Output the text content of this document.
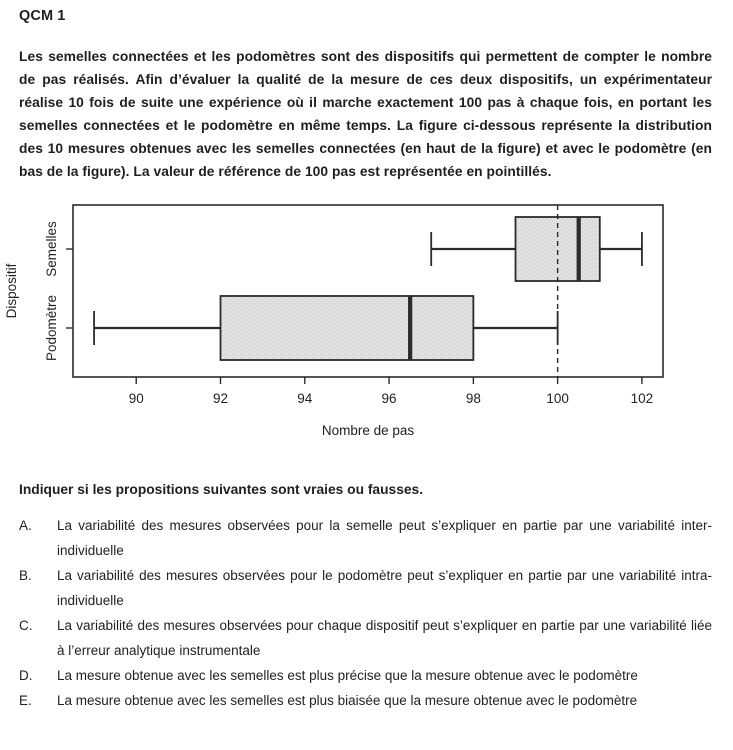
QCM 1

Les semelles connectées et les podomètres sont des dispositifs qui permettent de compter le nombre de pas réalisés. Afin d’évaluer la qualité de la mesure de ces deux dispositifs, un expérimentateur réalise 10 fois de suite une expérience où il marche exactement 100 pas à chaque fois, en portant les semelles connectées et le podomètre en même temps. La figure ci-dessous représente la distribution des 10 mesures obtenues avec les semelles connectées (en haut de la figure) et avec le podomètre (en bas de la figure). La valeur de référence de 100 pas est représentée en pointillés.

Semelles
Podomètre
90	92	94	96	98	100	102
Nombre de pas
Dispositif

Indiquer si les propositions suivantes sont vraies ou fausses.

A. La variabilité des mesures observées pour la semelle peut s’expliquer en partie par une variabilité inter-individuelle
B. La variabilité des mesures observées pour le podomètre peut s’expliquer en partie par une variabilité intra-individuelle
C. La variabilité des mesures observées pour chaque dispositif peut s’expliquer en partie par une variabilité liée à l’erreur analytique instrumentale
D. La mesure obtenue avec les semelles est plus précise que la mesure obtenue avec le podomètre
E. La mesure obtenue avec les semelles est plus biaisée que la mesure obtenue avec le podomètre
